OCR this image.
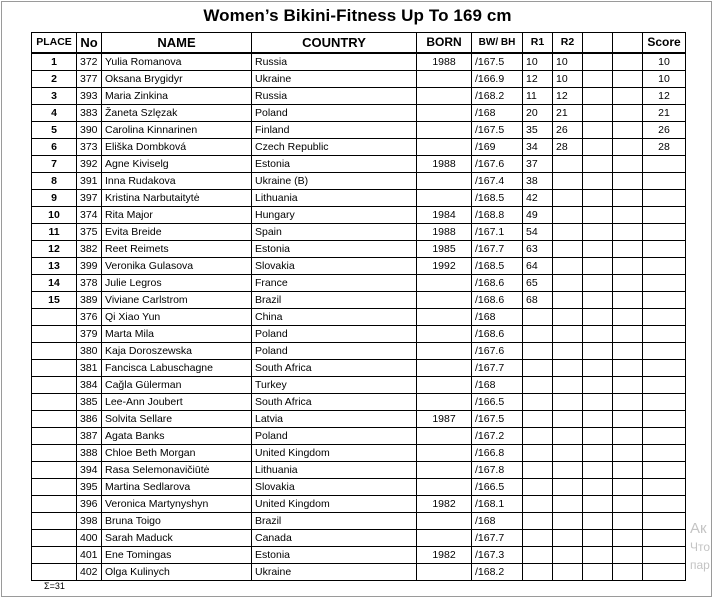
Women’s Bikini-Fitness Up To 169 cm
PLACE	No	NAME	COUNTRY	BORN	BW/ BH	R1	R2			Score
1	372	Yulia Romanova	Russia	1988	/167.5	10	10			10
2	377	Oksana Brygidyr	Ukraine		/166.9	12	10			10
3	393	Maria Zinkina	Russia		/168.2	11	12			12
4	383	Žaneta Szlęzak	Poland		/168	20	21			21
5	390	Carolina Kinnarinen	Finland		/167.5	35	26			26
6	373	Eliška Dombková	Czech Republic		/169	34	28			28
7	392	Agne Kiviselg	Estonia	1988	/167.6	37				
8	391	Inna Rudakova	Ukraine (B)		/167.4	38				
9	397	Kristina Narbutaitytė	Lithuania		/168.5	42				
10	374	Rita Major	Hungary	1984	/168.8	49				
11	375	Evita Breide	Spain	1988	/167.1	54				
12	382	Reet Reimets	Estonia	1985	/167.7	63				
13	399	Veronika Gulasova	Slovakia	1992	/168.5	64				
14	378	Julie Legros	France		/168.6	65				
15	389	Viviane Carlstrom	Brazil		/168.6	68				
	376	Qi Xiao Yun	China		/168					
	379	Marta Mila	Poland		/168.6					
	380	Kaja Doroszewska	Poland		/167.6					
	381	Fancisca Labuschagne	South Africa		/167.7					
	384	Cağla Gülerman	Turkey		/168					
	385	Lee-Ann Joubert	South Africa		/166.5					
	386	Solvita Sellare	Latvia	1987	/167.5					
	387	Agata Banks	Poland		/167.2					
	388	Chloe Beth Morgan	United Kingdom		/166.8					
	394	Rasa Selemonavičiūtė	Lithuania		/167.8					
	395	Martina Sedlarova	Slovakia		/166.5					
	396	Veronica Martynyshyn	United Kingdom	1982	/168.1					
	398	Bruna Toigo	Brazil		/168					
	400	Sarah Maduck	Canada		/167.7					
	401	Ene Tomingas	Estonia	1982	/167.3					
	402	Olga Kulinych	Ukraine		/168.2					
Σ=31
Ак
Что
пар
